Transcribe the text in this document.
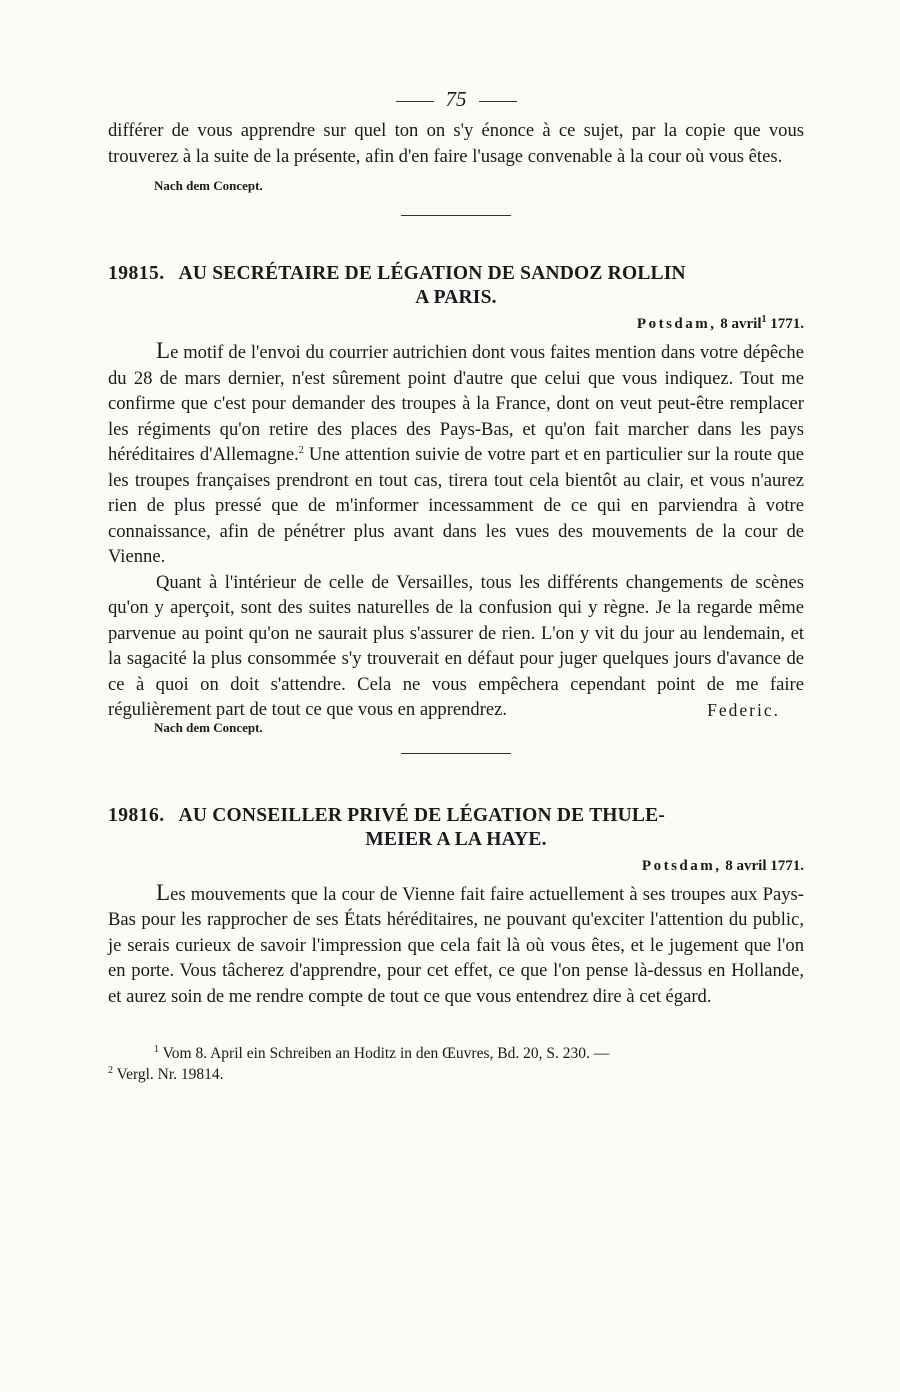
75

différer de vous apprendre sur quel ton on s'y énonce à ce sujet, par la copie que vous trouverez à la suite de la présente, afin d'en faire l'usage convenable à la cour où vous êtes.

Nach dem Concept.
19815. AU SECRÉTAIRE DE LÉGATION DE SANDOZ ROLLIN
A PARIS.
Potsdam, 8 avril$^1$ 1771.

Le motif de l'envoi du courrier autrichien dont vous faites mention dans votre dépêche du 28 de mars dernier, n'est sûrement point d'autre que celui que vous indiquez. Tout me confirme que c'est pour demander des troupes à la France, dont on veut peut-être remplacer les régiments qu'on retire des places des Pays-Bas, et qu'on fait marcher dans les pays héréditaires d'Allemagne.$^2$ Une attention suivie de votre part et en particulier sur la route que les troupes françaises prendront en tout cas, tirera tout cela bientôt au clair, et vous n'aurez rien de plus pressé que de m'informer incessamment de ce qui en parviendra à votre connaissance, afin de pénétrer plus avant dans les vues des mouvements de la cour de Vienne.

Quant à l'intérieur de celle de Versailles, tous les différents changements de scènes qu'on y aperçoit, sont des suites naturelles de la confusion qui y règne. Je la regarde même parvenue au point qu'on ne saurait plus s'assurer de rien. L'on y vit du jour au lendemain, et la sagacité la plus consommée s'y trouverait en défaut pour juger quelques jours d'avance de ce à quoi on doit s'attendre. Cela ne vous empêchera cependant point de me faire régulièrement part de tout ce que vous en apprendrez.

Nach dem Concept.
Federic.
19816. AU CONSEILLER PRIVÉ DE LÉGATION DE THULE-
MEIER A LA HAYE.
Potsdam, 8 avril 1771.

Les mouvements que la cour de Vienne fait faire actuellement à ses troupes aux Pays-Bas pour les rapprocher de ses États héréditaires, ne pouvant qu'exciter l'attention du public, je serais curieux de savoir l'impression que cela fait là où vous êtes, et le jugement que l'on en porte. Vous tâcherez d'apprendre, pour cet effet, ce que l'on pense là-dessus en Hollande, et aurez soin de me rendre compte de tout ce que vous entendrez dire à cet égard.

$^1$ Vom 8. April ein Schreiben an Hoditz in den Œuvres, Bd. 20, S. 230. —

$^2$ Vergl. Nr. 19814.
